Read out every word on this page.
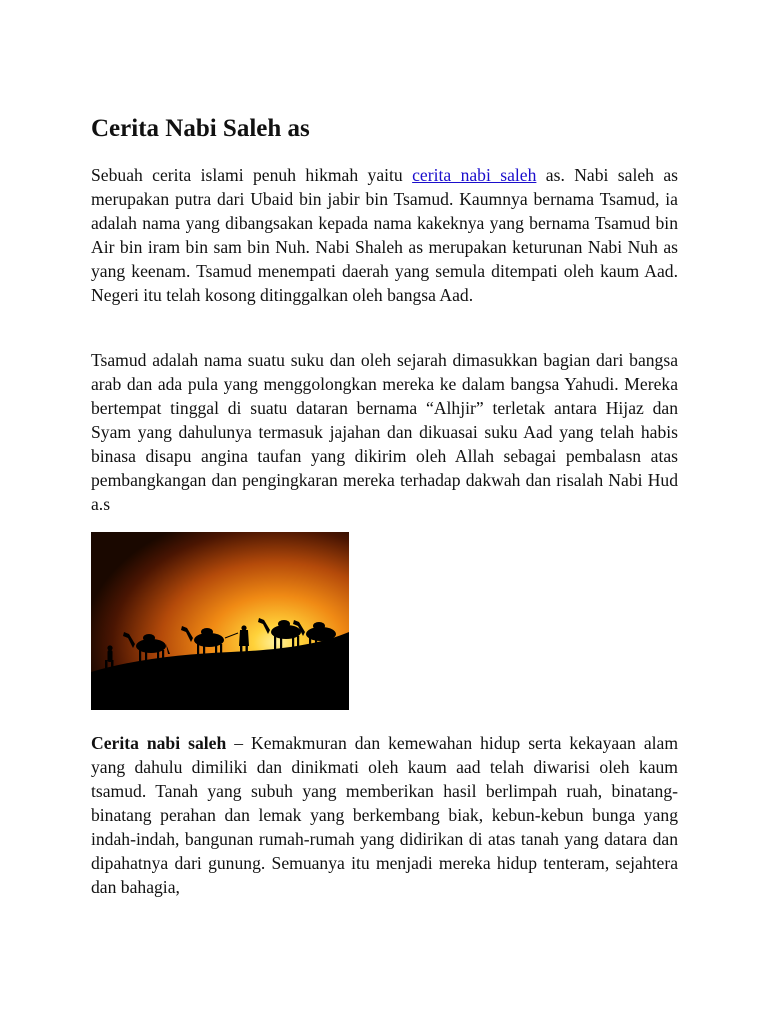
Cerita Nabi Saleh as

Sebuah cerita islami penuh hikmah yaitu cerita nabi saleh as. Nabi saleh as merupakan putra dari Ubaid bin jabir bin Tsamud. Kaumnya bernama Tsamud, ia adalah nama yang dibangsakan kepada nama kakeknya yang bernama Tsamud bin Air bin iram bin sam bin Nuh. Nabi Shaleh as merupakan keturunan Nabi Nuh as yang keenam. Tsamud menempati daerah yang semula ditempati oleh kaum Aad. Negeri itu telah kosong ditinggalkan oleh bangsa Aad.

Tsamud adalah nama suatu suku dan oleh sejarah dimasukkan bagian dari bangsa arab dan ada pula yang menggolongkan mereka ke dalam bangsa Yahudi. Mereka bertempat tinggal di suatu dataran bernama “Alhjir” terletak antara Hijaz dan Syam yang dahulunya termasuk jajahan dan dikuasai suku Aad yang telah habis binasa disapu angina taufan yang dikirim oleh Allah sebagai pembalasn atas pembangkangan dan pengingkaran mereka terhadap dakwah dan risalah Nabi Hud a.s

Cerita nabi saleh – Kemakmuran dan kemewahan hidup serta kekayaan alam yang dahulu dimiliki dan dinikmati oleh kaum aad telah diwarisi oleh kaum tsamud. Tanah yang subuh yang memberikan hasil berlimpah ruah, binatang-binatang perahan dan lemak yang berkembang biak, kebun-kebun bunga yang indah-indah, bangunan rumah-rumah yang didirikan di atas tanah yang datara dan dipahatnya dari gunung. Semuanya itu menjadi mereka hidup tenteram, sejahtera dan bahagia,
